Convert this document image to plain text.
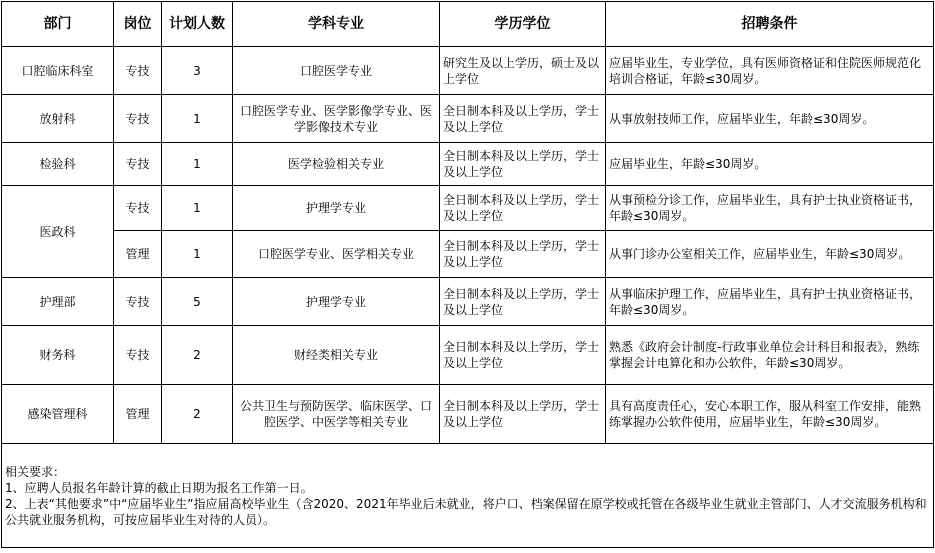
部门	岗位	计划人数	学科专业	学历学位	招聘条件
口腔临床科室	专技	3	口腔医学专业	研究生及以上学历，硕士及以上学位	应届毕业生，专业学位，具有医师资格证和住院医师规范化培训合格证，年龄≤30周岁。
放射科	专技	1	口腔医学专业、医学影像学专业、医学影像技术专业	全日制本科及以上学历，学士及以上学位	从事放射技师工作，应届毕业生，年龄≤30周岁。
检验科	专技	1	医学检验相关专业	全日制本科及以上学历，学士及以上学位	应届毕业生，年龄≤30周岁。
医政科	专技	1	护理学专业	全日制本科及以上学历，学士及以上学位	从事预检分诊工作，应届毕业生，具有护士执业资格证书，年龄≤30周岁。
	管理	1	口腔医学专业、医学相关专业	全日制本科及以上学历，学士及以上学位	从事门诊办公室相关工作，应届毕业生，年龄≤30周岁。
护理部	专技	5	护理学专业	全日制本科及以上学历，学士及以上学位	从事临床护理工作，应届毕业生，具有护士执业资格证书，年龄≤30周岁。
财务科	专技	2	财经类相关专业	全日制本科及以上学历，学士及以上学位	熟悉《政府会计制度-行政事业单位会计科目和报表》，熟练掌握会计电算化和办公软件，年龄≤30周岁。
感染管理科	管理	2	公共卫生与预防医学、临床医学、口腔医学、中医学等相关专业	全日制本科及以上学历，学士及以上学位	具有高度责任心，安心本职工作，服从科室工作安排，能熟练掌握办公软件使用，应届毕业生，年龄≤30周岁。

相关要求：
1、应聘人员报名年龄计算的截止日期为报名工作第一日。
2、上表“其他要求”中“应届毕业生”指应届高校毕业生（含2020、2021年毕业后未就业，将户口、档案保留在原学校或托管在各级毕业生就业主管部门、人才交流服务机构和公共就业服务机构，可按应届毕业生对待的人员）。					
